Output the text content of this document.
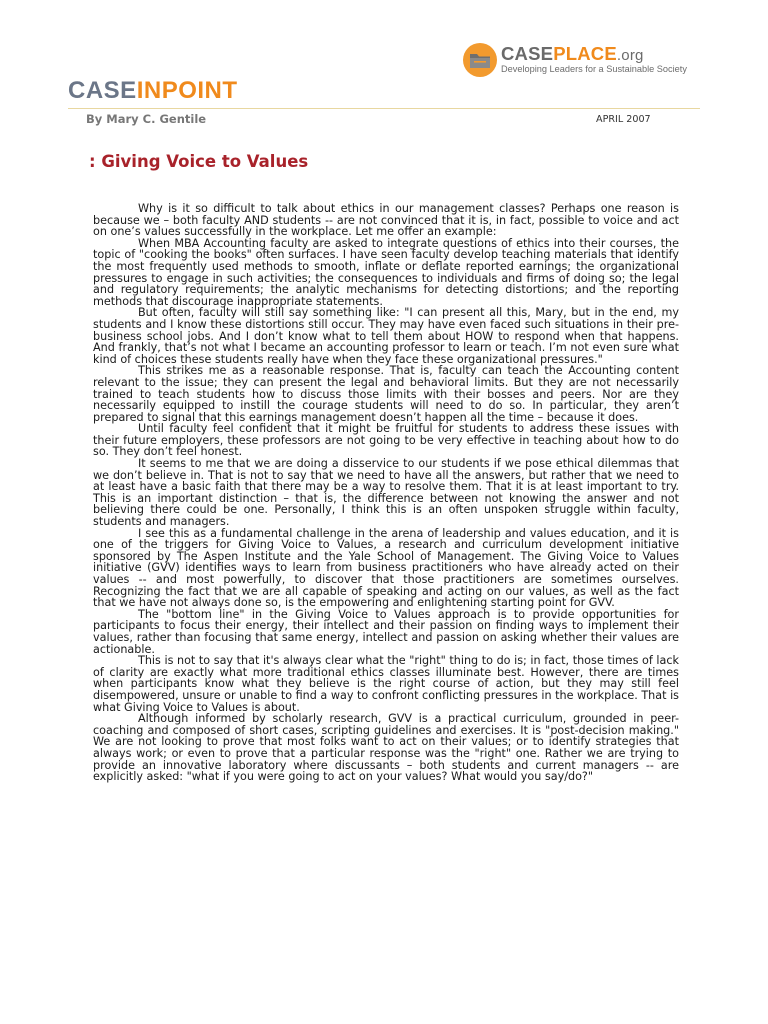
CASEPLACE.org
Developing Leaders for a Sustainable Society
CASEINPOINT
By Mary C. Gentile	APRIL 2007
: Giving Voice to Values

Why is it so difficult to talk about ethics in our management classes? Perhaps one reason is because we – both faculty AND students -- are not convinced that it is, in fact, possible to voice and act on one’s values successfully in the workplace. Let me offer an example:

When MBA Accounting faculty are asked to integrate questions of ethics into their courses, the topic of "cooking the books" often surfaces. I have seen faculty develop teaching materials that identify the most frequently used methods to smooth, inflate or deflate reported earnings; the organizational pressures to engage in such activities; the consequences to individuals and firms of doing so; the legal and regulatory requirements; the analytic mechanisms for detecting distortions; and the reporting methods that discourage inappropriate statements.

But often, faculty will still say something like: "I can present all this, Mary, but in the end, my students and I know these distortions still occur. They may have even faced such situations in their pre-business school jobs. And I don’t know what to tell them about HOW to respond when that happens. And frankly, that’s not what I became an accounting professor to learn or teach. I’m not even sure what kind of choices these students really have when they face these organizational pressures."

This strikes me as a reasonable response. That is, faculty can teach the Accounting content relevant to the issue; they can present the legal and behavioral limits. But they are not necessarily trained to teach students how to discuss those limits with their bosses and peers. Nor are they necessarily equipped to instill the courage students will need to do so. In particular, they aren’t prepared to signal that this earnings management doesn’t happen all the time – because it does.

Until faculty feel confident that it might be fruitful for students to address these issues with their future employers, these professors are not going to be very effective in teaching about how to do so. They don’t feel honest.

It seems to me that we are doing a disservice to our students if we pose ethical dilemmas that we don’t believe in. That is not to say that we need to have all the answers, but rather that we need to at least have a basic faith that there may be a way to resolve them. That it is at least important to try. This is an important distinction – that is, the difference between not knowing the answer and not believing there could be one. Personally, I think this is an often unspoken struggle within faculty, students and managers.

I see this as a fundamental challenge in the arena of leadership and values education, and it is one of the triggers for Giving Voice to Values, a research and curriculum development initiative sponsored by The Aspen Institute and the Yale School of Management. The Giving Voice to Values initiative (GVV) identifies ways to learn from business practitioners who have already acted on their values -- and most powerfully, to discover that those practitioners are sometimes ourselves. Recognizing the fact that we are all capable of speaking and acting on our values, as well as the fact that we have not always done so, is the empowering and enlightening starting point for GVV.

The "bottom line" in the Giving Voice to Values approach is to provide opportunities for participants to focus their energy, their intellect and their passion on finding ways to implement their values, rather than focusing that same energy, intellect and passion on asking whether their values are actionable.

This is not to say that it's always clear what the "right" thing to do is; in fact, those times of lack of clarity are exactly what more traditional ethics classes illuminate best. However, there are times when participants know what they believe is the right course of action, but they may still feel disempowered, unsure or unable to find a way to confront conflicting pressures in the workplace. That is what Giving Voice to Values is about.

Although informed by scholarly research, GVV is a practical curriculum, grounded in peer-coaching and composed of short cases, scripting guidelines and exercises. It is "post-decision making." We are not looking to prove that most folks want to act on their values; or to identify strategies that always work; or even to prove that a particular response was the "right" one. Rather we are trying to provide an innovative laboratory where discussants – both students and current managers -- are explicitly asked: "what if you were going to act on your values? What would you say/do?"
